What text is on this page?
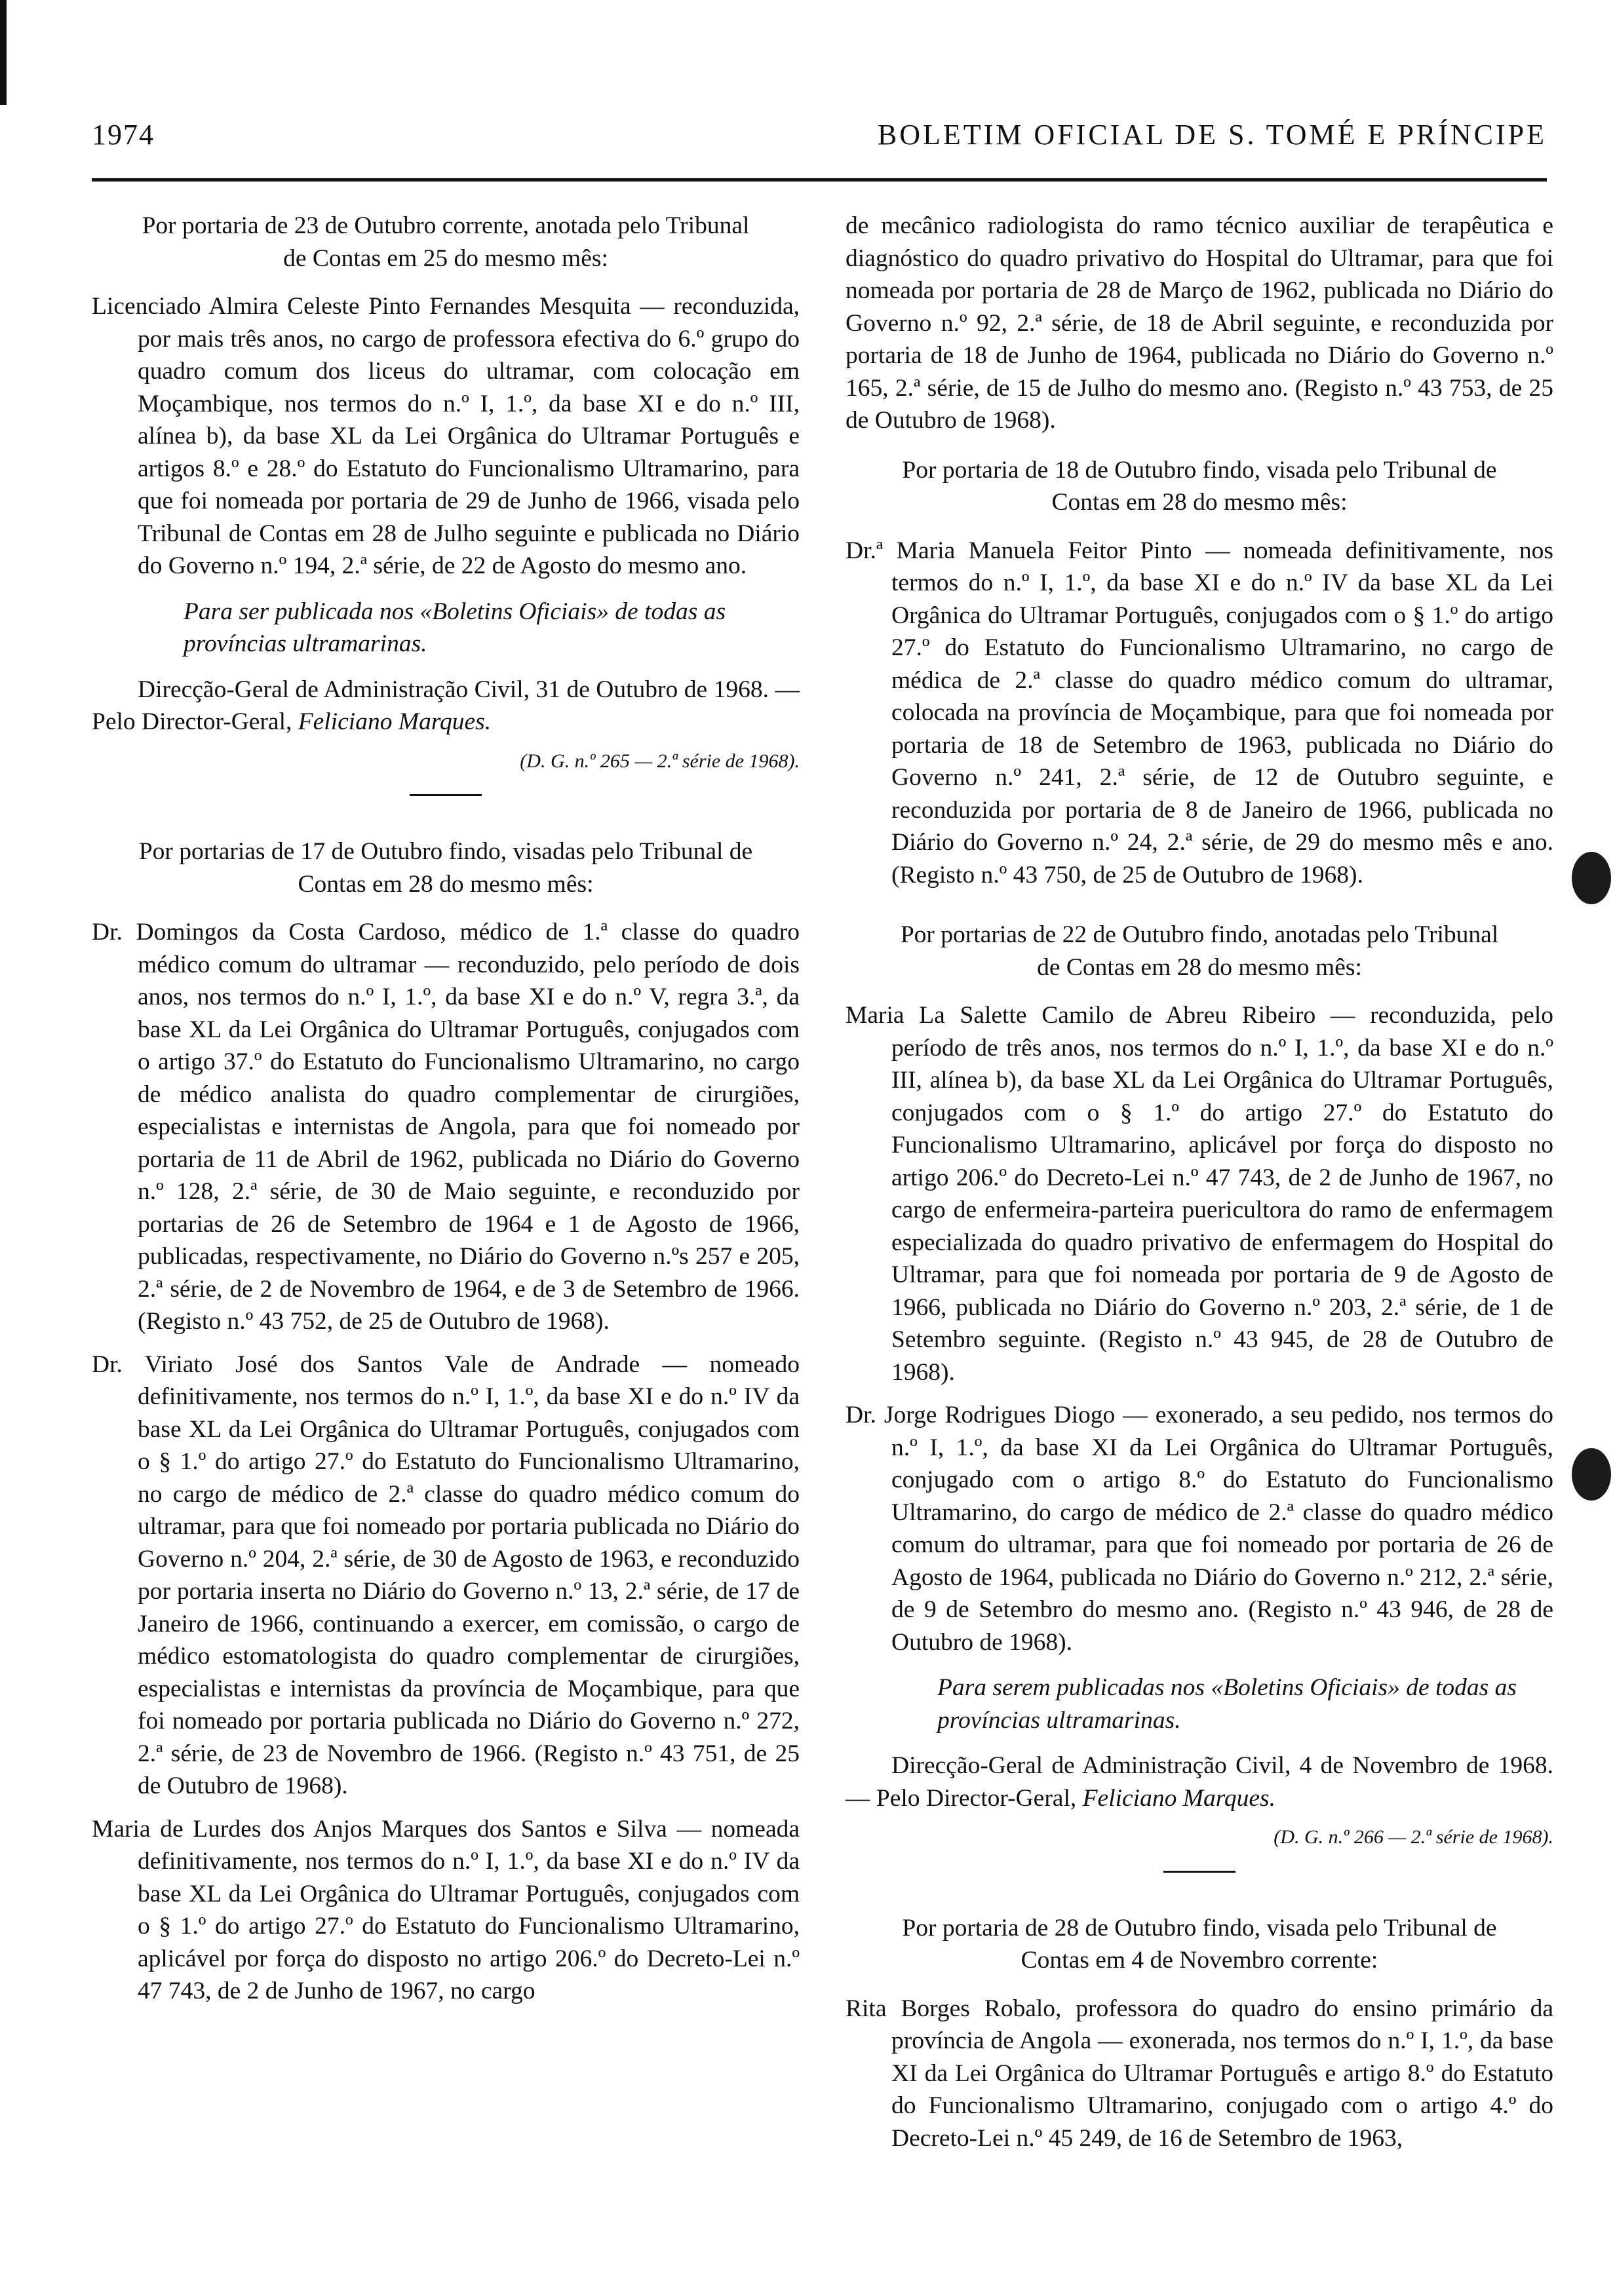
1974	BOLETIM OFICIAL DE S. TOMÉ E PRÍNCIPE

Por portaria de 23 de Outubro corrente, anotada pelo Tribunal de Contas em 25 do mesmo mês:

Licenciado Almira Celeste Pinto Fernandes Mesquita — reconduzida, por mais três anos, no cargo de professora efectiva do 6.º grupo do quadro comum dos liceus do ultramar, com colocação em Moçambique, nos termos do n.º I, 1.º, da base XI e do n.º III, alínea b), da base XL da Lei Orgânica do Ultramar Português e artigos 8.º e 28.º do Estatuto do Funcionalismo Ultramarino, para que foi nomeada por portaria de 29 de Junho de 1966, visada pelo Tribunal de Contas em 28 de Julho seguinte e publicada no Diário do Governo n.º 194, 2.ª série, de 22 de Agosto do mesmo ano.

Para ser publicada nos «Boletins Oficiais» de todas as províncias ultramarinas.

Direcção-Geral de Administração Civil, 31 de Outubro de 1968. — Pelo Director-Geral, Feliciano Marques.

(D. G. n.º 265 — 2.ª série de 1968).

Por portarias de 17 de Outubro findo, visadas pelo Tribunal de Contas em 28 do mesmo mês:

Dr. Domingos da Costa Cardoso, médico de 1.ª classe do quadro médico comum do ultramar — reconduzido, pelo período de dois anos, nos termos do n.º I, 1.º, da base XI e do n.º V, regra 3.ª, da base XL da Lei Orgânica do Ultramar Português, conjugados com o artigo 37.º do Estatuto do Funcionalismo Ultramarino, no cargo de médico analista do quadro complementar de cirurgiões, especialistas e internistas de Angola, para que foi nomeado por portaria de 11 de Abril de 1962, publicada no Diário do Governo n.º 128, 2.ª série, de 30 de Maio seguinte, e reconduzido por portarias de 26 de Setembro de 1964 e 1 de Agosto de 1966, publicadas, respectivamente, no Diário do Governo n.ºs 257 e 205, 2.ª série, de 2 de Novembro de 1964, e de 3 de Setembro de 1966. (Registo n.º 43 752, de 25 de Outubro de 1968).

Dr. Viriato José dos Santos Vale de Andrade — nomeado definitivamente, nos termos do n.º I, 1.º, da base XI e do n.º IV da base XL da Lei Orgânica do Ultramar Português, conjugados com o § 1.º do artigo 27.º do Estatuto do Funcionalismo Ultramarino, no cargo de médico de 2.ª classe do quadro médico comum do ultramar, para que foi nomeado por portaria publicada no Diário do Governo n.º 204, 2.ª série, de 30 de Agosto de 1963, e reconduzido por portaria inserta no Diário do Governo n.º 13, 2.ª série, de 17 de Janeiro de 1966, continuando a exercer, em comissão, o cargo de médico estomatologista do quadro complementar de cirurgiões, especialistas e internistas da província de Moçambique, para que foi nomeado por portaria publicada no Diário do Governo n.º 272, 2.ª série, de 23 de Novembro de 1966. (Registo n.º 43 751, de 25 de Outubro de 1968).

Maria de Lurdes dos Anjos Marques dos Santos e Silva — nomeada definitivamente, nos termos do n.º I, 1.º, da base XI e do n.º IV da base XL da Lei Orgânica do Ultramar Português, conjugados com o § 1.º do artigo 27.º do Estatuto do Funcionalismo Ultramarino, aplicável por força do disposto no artigo 206.º do Decreto-Lei n.º 47 743, de 2 de Junho de 1967, no cargo

de mecânico radiologista do ramo técnico auxiliar de terapêutica e diagnóstico do quadro privativo do Hospital do Ultramar, para que foi nomeada por portaria de 28 de Março de 1962, publicada no Diário do Governo n.º 92, 2.ª série, de 18 de Abril seguinte, e reconduzida por portaria de 18 de Junho de 1964, publicada no Diário do Governo n.º 165, 2.ª série, de 15 de Julho do mesmo ano. (Registo n.º 43 753, de 25 de Outubro de 1968).

Por portaria de 18 de Outubro findo, visada pelo Tribunal de Contas em 28 do mesmo mês:

Dr.ª Maria Manuela Feitor Pinto — nomeada definitivamente, nos termos do n.º I, 1.º, da base XI e do n.º IV da base XL da Lei Orgânica do Ultramar Português, conjugados com o § 1.º do artigo 27.º do Estatuto do Funcionalismo Ultramarino, no cargo de médica de 2.ª classe do quadro médico comum do ultramar, colocada na província de Moçambique, para que foi nomeada por portaria de 18 de Setembro de 1963, publicada no Diário do Governo n.º 241, 2.ª série, de 12 de Outubro seguinte, e reconduzida por portaria de 8 de Janeiro de 1966, publicada no Diário do Governo n.º 24, 2.ª série, de 29 do mesmo mês e ano. (Registo n.º 43 750, de 25 de Outubro de 1968).

Por portarias de 22 de Outubro findo, anotadas pelo Tribunal de Contas em 28 do mesmo mês:

Maria La Salette Camilo de Abreu Ribeiro — reconduzida, pelo período de três anos, nos termos do n.º I, 1.º, da base XI e do n.º III, alínea b), da base XL da Lei Orgânica do Ultramar Português, conjugados com o § 1.º do artigo 27.º do Estatuto do Funcionalismo Ultramarino, aplicável por força do disposto no artigo 206.º do Decreto-Lei n.º 47 743, de 2 de Junho de 1967, no cargo de enfermeira-parteira puericultora do ramo de enfermagem especializada do quadro privativo de enfermagem do Hospital do Ultramar, para que foi nomeada por portaria de 9 de Agosto de 1966, publicada no Diário do Governo n.º 203, 2.ª série, de 1 de Setembro seguinte. (Registo n.º 43 945, de 28 de Outubro de 1968).

Dr. Jorge Rodrigues Diogo — exonerado, a seu pedido, nos termos do n.º I, 1.º, da base XI da Lei Orgânica do Ultramar Português, conjugado com o artigo 8.º do Estatuto do Funcionalismo Ultramarino, do cargo de médico de 2.ª classe do quadro médico comum do ultramar, para que foi nomeado por portaria de 26 de Agosto de 1964, publicada no Diário do Governo n.º 212, 2.ª série, de 9 de Setembro do mesmo ano. (Registo n.º 43 946, de 28 de Outubro de 1968).

Para serem publicadas nos «Boletins Oficiais» de todas as províncias ultramarinas.

Direcção-Geral de Administração Civil, 4 de Novembro de 1968. — Pelo Director-Geral, Feliciano Marques.

(D. G. n.º 266 — 2.ª série de 1968).

Por portaria de 28 de Outubro findo, visada pelo Tribunal de Contas em 4 de Novembro corrente:

Rita Borges Robalo, professora do quadro do ensino primário da província de Angola — exonerada, nos termos do n.º I, 1.º, da base XI da Lei Orgânica do Ultramar Português e artigo 8.º do Estatuto do Funcionalismo Ultramarino, conjugado com o artigo 4.º do Decreto-Lei n.º 45 249, de 16 de Setembro de 1963,
